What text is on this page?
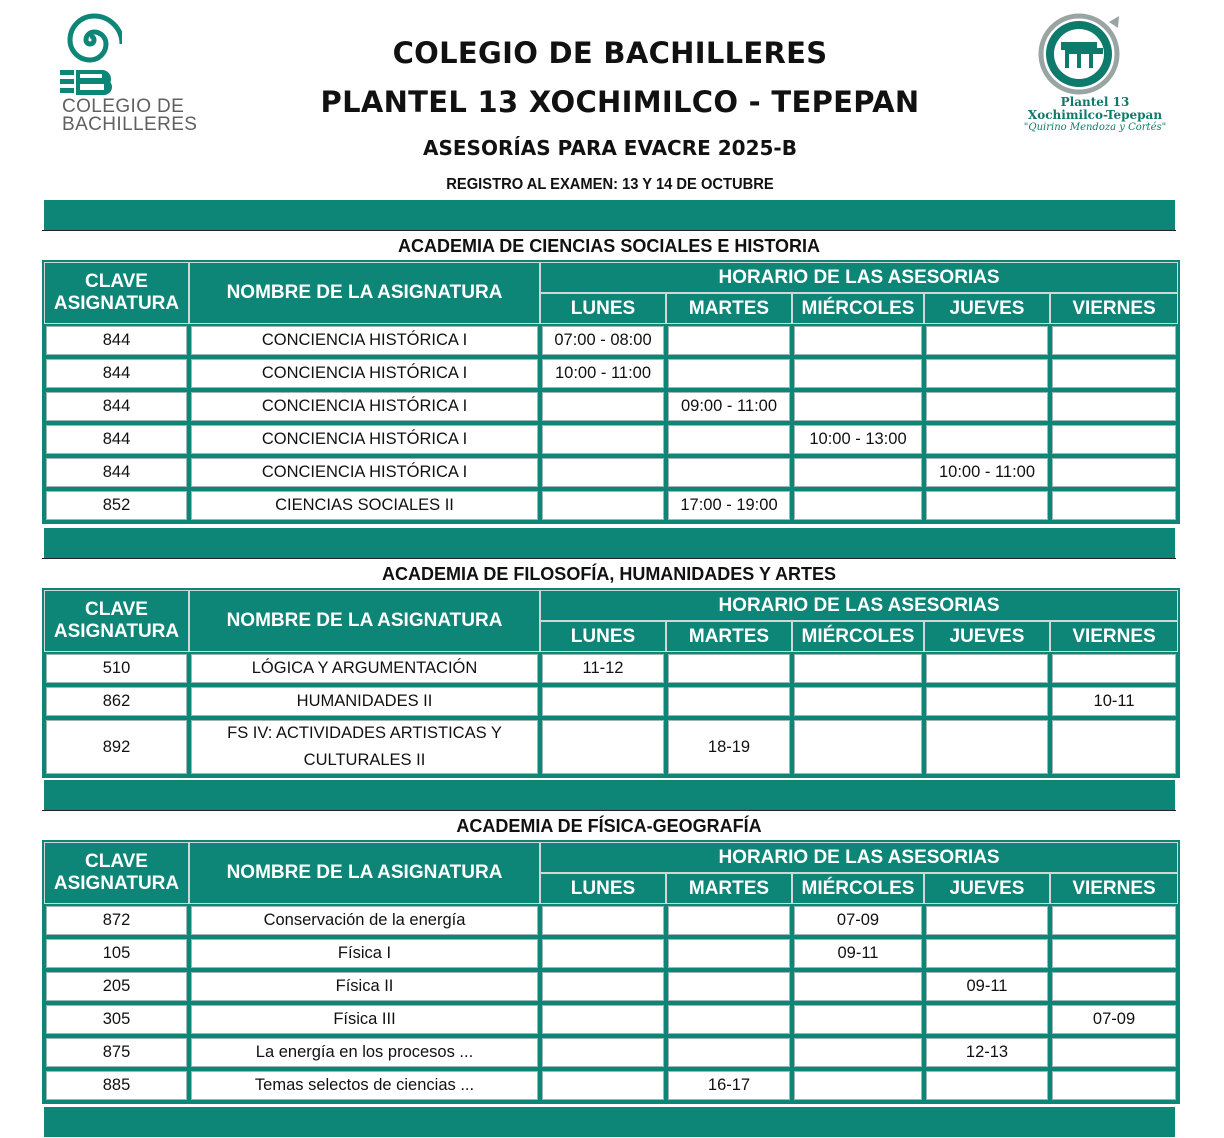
COLEGIO DE
BACHILLERES
Plantel 13
Xochimilco-Tepepan
"Quirino Mendoza y Cortés"
COLEGIO DE BACHILLERES
PLANTEL 13 XOCHIMILCO - TEPEPAN
ASESORÍAS PARA EVACRE 2025-B
REGISTRO AL EXAMEN: 13 Y 14 DE OCTUBRE
ACADEMIA DE CIENCIAS SOCIALES E HISTORIA
CLAVE
ASIGNATURA	NOMBRE DE LA ASIGNATURA	HORARIO DE LAS ASESORIAS				
		LUNES	MARTES	MIÉRCOLES	JUEVES	VIERNES
844	CONCIENCIA HISTÓRICA I	07:00 - 08:00				
844	CONCIENCIA HISTÓRICA I	10:00 - 11:00				
844	CONCIENCIA HISTÓRICA I		09:00 - 11:00			
844	CONCIENCIA HISTÓRICA I			10:00 - 13:00		
844	CONCIENCIA HISTÓRICA I				10:00 - 11:00	
852	CIENCIAS SOCIALES II		17:00 - 19:00			
ACADEMIA DE FILOSOFÍA, HUMANIDADES Y ARTES
CLAVE
ASIGNATURA	NOMBRE DE LA ASIGNATURA	HORARIO DE LAS ASESORIAS				
		LUNES	MARTES	MIÉRCOLES	JUEVES	VIERNES
510	LÓGICA Y ARGUMENTACIÓN	11-12				
862	HUMANIDADES II					10-11
892	FS IV: ACTIVIDADES ARTISTICAS Y
CULTURALES II		18-19			
ACADEMIA DE FÍSICA-GEOGRAFÍA
CLAVE
ASIGNATURA	NOMBRE DE LA ASIGNATURA	HORARIO DE LAS ASESORIAS				
		LUNES	MARTES	MIÉRCOLES	JUEVES	VIERNES
872	Conservación de la energía			07-09		
105	Física I			09-11		
205	Física II				09-11	
305	Física III					07-09
875	La energía en los procesos ...				12-13	
885	Temas selectos de ciencias ...		16-17			
